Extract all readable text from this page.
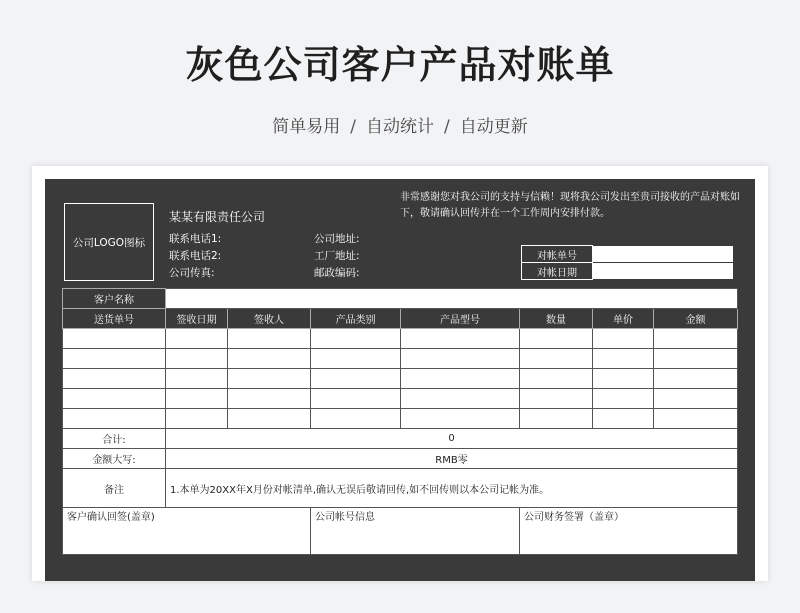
灰色公司客户产品对账单
简单易用 / 自动统计 / 自动更新
公司LOGO图标
某某有限责任公司
联系电话1:
联系电话2:
公司传真:
公司地址:
工厂地址:
邮政编码:
非常感谢您对我公司的支持与信赖！现将我公司发出至贵司接收的产品对账如下，敬请确认回传并在一个工作周内安排付款。
对帐单号	
对帐日期	
客户名称							
送货单号	签收日期	签收人	产品类别	产品型号	数量	单价	金额

合计:	0						
金额大写:	RMB零						
备注	1.本单为20XX年X月份对帐清单,确认无误后敬请回传,如不回传则以本公司记帐为准。						
客户确认回签(盖章)			公司帐号信息		公司财务签署（盖章）		
